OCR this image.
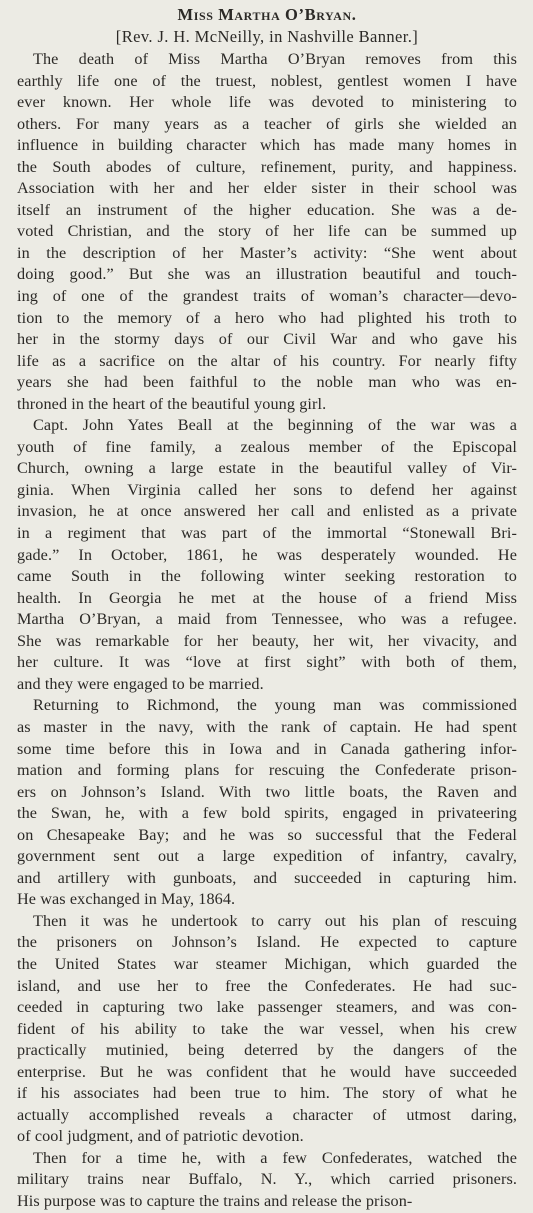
Miss Martha O’Bryan.
[Rev. J. H. McNeilly, in Nashville Banner.]
The death of Miss Martha O’Bryan removes from this
earthly life one of the truest, noblest, gentlest women I have
ever known. Her whole life was devoted to ministering to
others. For many years as a teacher of girls she wielded an
influence in building character which has made many homes in
the South abodes of culture, refinement, purity, and happiness.
Association with her and her elder sister in their school was
itself an instrument of the higher education. She was a de-
voted Christian, and the story of her life can be summed up
in the description of her Master’s activity: “She went about
doing good.” But she was an illustration beautiful and touch-
ing of one of the grandest traits of woman’s character—devo-
tion to the memory of a hero who had plighted his troth to
her in the stormy days of our Civil War and who gave his
life as a sacrifice on the altar of his country. For nearly fifty
years she had been faithful to the noble man who was en-
throned in the heart of the beautiful young girl.
Capt. John Yates Beall at the beginning of the war was a
youth of fine family, a zealous member of the Episcopal
Church, owning a large estate in the beautiful valley of Vir-
ginia. When Virginia called her sons to defend her against
invasion, he at once answered her call and enlisted as a private
in a regiment that was part of the immortal “Stonewall Bri-
gade.” In October, 1861, he was desperately wounded. He
came South in the following winter seeking restoration to
health. In Georgia he met at the house of a friend Miss
Martha O’Bryan, a maid from Tennessee, who was a refugee.
She was remarkable for her beauty, her wit, her vivacity, and
her culture. It was “love at first sight” with both of them,
and they were engaged to be married.
Returning to Richmond, the young man was commissioned
as master in the navy, with the rank of captain. He had spent
some time before this in Iowa and in Canada gathering infor-
mation and forming plans for rescuing the Confederate prison-
ers on Johnson’s Island. With two little boats, the Raven and
the Swan, he, with a few bold spirits, engaged in privateering
on Chesapeake Bay; and he was so successful that the Federal
government sent out a large expedition of infantry, cavalry,
and artillery with gunboats, and succeeded in capturing him.
He was exchanged in May, 1864.
Then it was he undertook to carry out his plan of rescuing
the prisoners on Johnson’s Island. He expected to capture
the United States war steamer Michigan, which guarded the
island, and use her to free the Confederates. He had suc-
ceeded in capturing two lake passenger steamers, and was con-
fident of his ability to take the war vessel, when his crew
practically mutinied, being deterred by the dangers of the
enterprise. But he was confident that he would have succeeded
if his associates had been true to him. The story of what he
actually accomplished reveals a character of utmost daring,
of cool judgment, and of patriotic devotion.
Then for a time he, with a few Confederates, watched the
military trains near Buffalo, N. Y., which carried prisoners.
His purpose was to capture the trains and release the prison-
